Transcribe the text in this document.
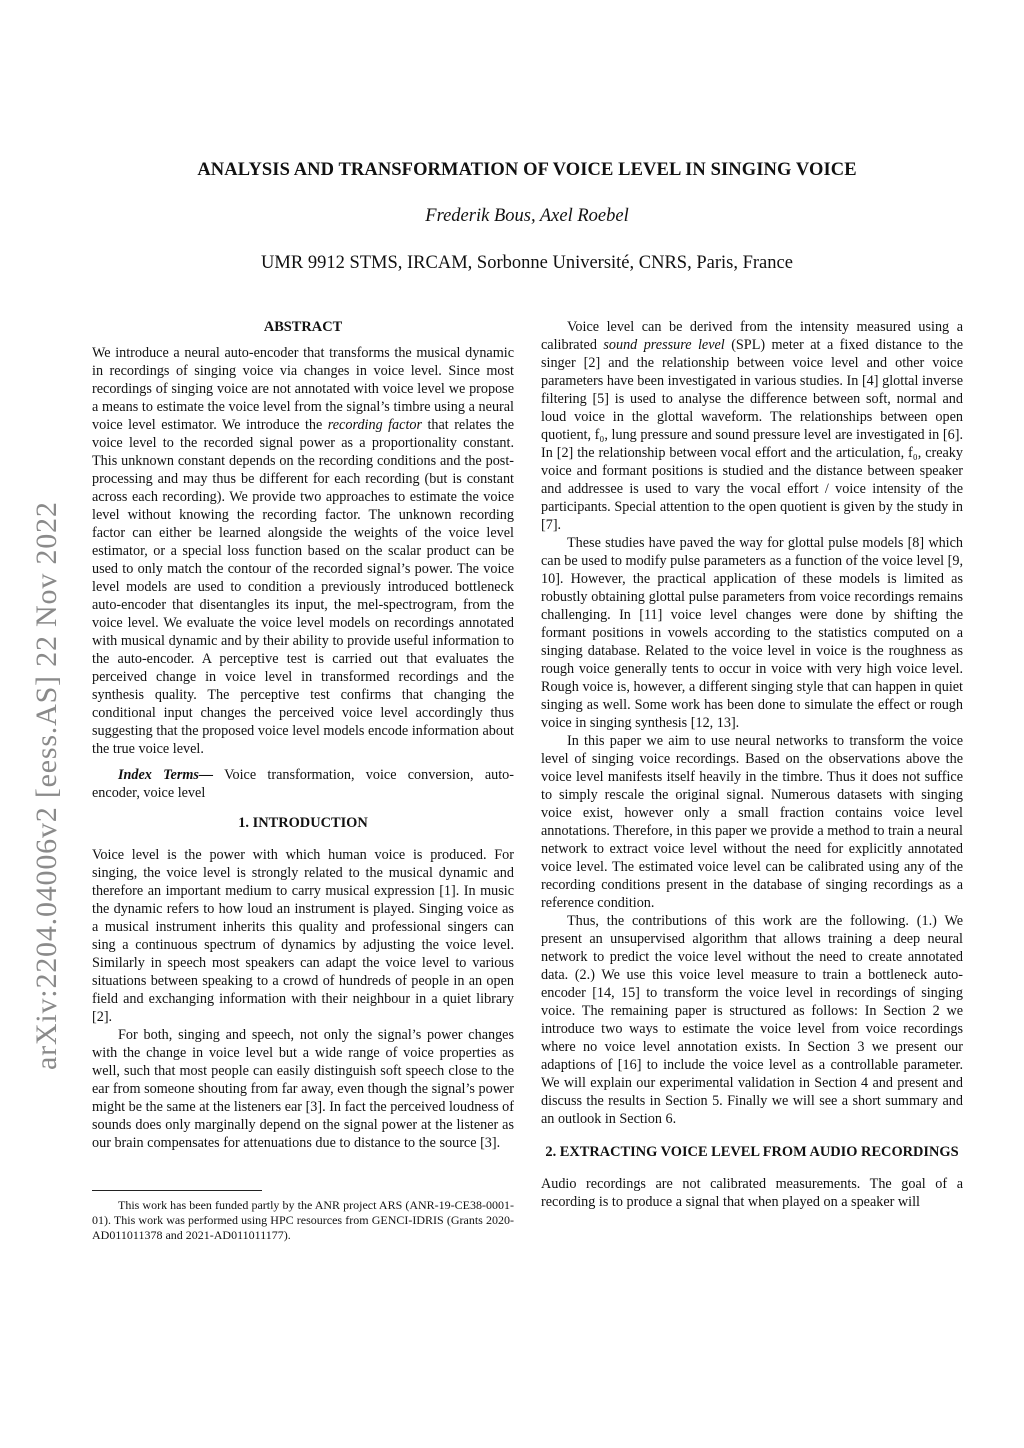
arXiv:2204.04006v2 [eess.AS] 22 Nov 2022
ANALYSIS AND TRANSFORMATION OF VOICE LEVEL IN SINGING VOICE
Frederik Bous, Axel Roebel
UMR 9912 STMS, IRCAM, Sorbonne Université, CNRS, Paris, France
ABSTRACT

We introduce a neural auto-encoder that transforms the musical dynamic in recordings of singing voice via changes in voice level. Since most recordings of singing voice are not annotated with voice level we propose a means to estimate the voice level from the signal’s timbre using a neural voice level estimator. We introduce the recording factor that relates the voice level to the recorded signal power as a proportionality constant. This unknown constant depends on the recording conditions and the post-processing and may thus be different for each recording (but is constant across each recording). We provide two approaches to estimate the voice level without knowing the recording factor. The unknown recording factor can either be learned alongside the weights of the voice level estimator, or a special loss function based on the scalar product can be used to only match the contour of the recorded signal’s power. The voice level models are used to condition a previously introduced bottleneck auto-encoder that disentangles its input, the mel-spectrogram, from the voice level. We evaluate the voice level models on recordings annotated with musical dynamic and by their ability to provide useful information to the auto-encoder. A perceptive test is carried out that evaluates the perceived change in voice level in transformed recordings and the synthesis quality. The perceptive test confirms that changing the conditional input changes the perceived voice level accordingly thus suggesting that the proposed voice level models encode information about the true voice level.

Index Terms— Voice transformation, voice conversion, auto-encoder, voice level

1. INTRODUCTION

Voice level is the power with which human voice is produced. For singing, the voice level is strongly related to the musical dynamic and therefore an important medium to carry musical expression [1]. In music the dynamic refers to how loud an instrument is played. Singing voice as a musical instrument inherits this quality and professional singers can sing a continuous spectrum of dynamics by adjusting the voice level. Similarly in speech most speakers can adapt the voice level to various situations between speaking to a crowd of hundreds of people in an open field and exchanging information with their neighbour in a quiet library [2].

For both, singing and speech, not only the signal’s power changes with the change in voice level but a wide range of voice properties as well, such that most people can easily distinguish soft speech close to the ear from someone shouting from far away, even though the signal’s power might be the same at the listeners ear [3]. In fact the perceived loudness of sounds does only marginally depend on the signal power at the listener as our brain compensates for attenuations due to distance to the source [3].

This work has been funded partly by the ANR project ARS (ANR-19-CE38-0001-01). This work was performed using HPC resources from GENCI-IDRIS (Grants 2020-AD011011378 and 2021-AD011011177).

Voice level can be derived from the intensity measured using a calibrated sound pressure level (SPL) meter at a fixed distance to the singer [2] and the relationship between voice level and other voice parameters have been investigated in various studies. In [4] glottal inverse filtering [5] is used to analyse the difference between soft, normal and loud voice in the glottal waveform. The relationships between open quotient, f₀, lung pressure and sound pressure level are investigated in [6]. In [2] the relationship between vocal effort and the articulation, f₀, creaky voice and formant positions is studied and the distance between speaker and addressee is used to vary the vocal effort / voice intensity of the participants. Special attention to the open quotient is given by the study in [7].

These studies have paved the way for glottal pulse models [8] which can be used to modify pulse parameters as a function of the voice level [9, 10]. However, the practical application of these models is limited as robustly obtaining glottal pulse parameters from voice recordings remains challenging. In [11] voice level changes were done by shifting the formant positions in vowels according to the statistics computed on a singing database. Related to the voice level in voice is the roughness as rough voice generally tents to occur in voice with very high voice level. Rough voice is, however, a different singing style that can happen in quiet singing as well. Some work has been done to simulate the effect or rough voice in singing synthesis [12, 13].

In this paper we aim to use neural networks to transform the voice level of singing voice recordings. Based on the observations above the voice level manifests itself heavily in the timbre. Thus it does not suffice to simply rescale the original signal. Numerous datasets with singing voice exist, however only a small fraction contains voice level annotations. Therefore, in this paper we provide a method to train a neural network to extract voice level without the need for explicitly annotated voice level. The estimated voice level can be calibrated using any of the recording conditions present in the database of singing recordings as a reference condition.

Thus, the contributions of this work are the following. (1.) We present an unsupervised algorithm that allows training a deep neural network to predict the voice level without the need to create annotated data. (2.) We use this voice level measure to train a bottleneck auto-encoder [14, 15] to transform the voice level in recordings of singing voice. The remaining paper is structured as follows: In Section 2 we introduce two ways to estimate the voice level from voice recordings where no voice level annotation exists. In Section 3 we present our adaptions of [16] to include the voice level as a controllable parameter. We will explain our experimental validation in Section 4 and present and discuss the results in Section 5. Finally we will see a short summary and an outlook in Section 6.

2. EXTRACTING VOICE LEVEL FROM AUDIO RECORDINGS

Audio recordings are not calibrated measurements. The goal of a recording is to produce a signal that when played on a speaker will
